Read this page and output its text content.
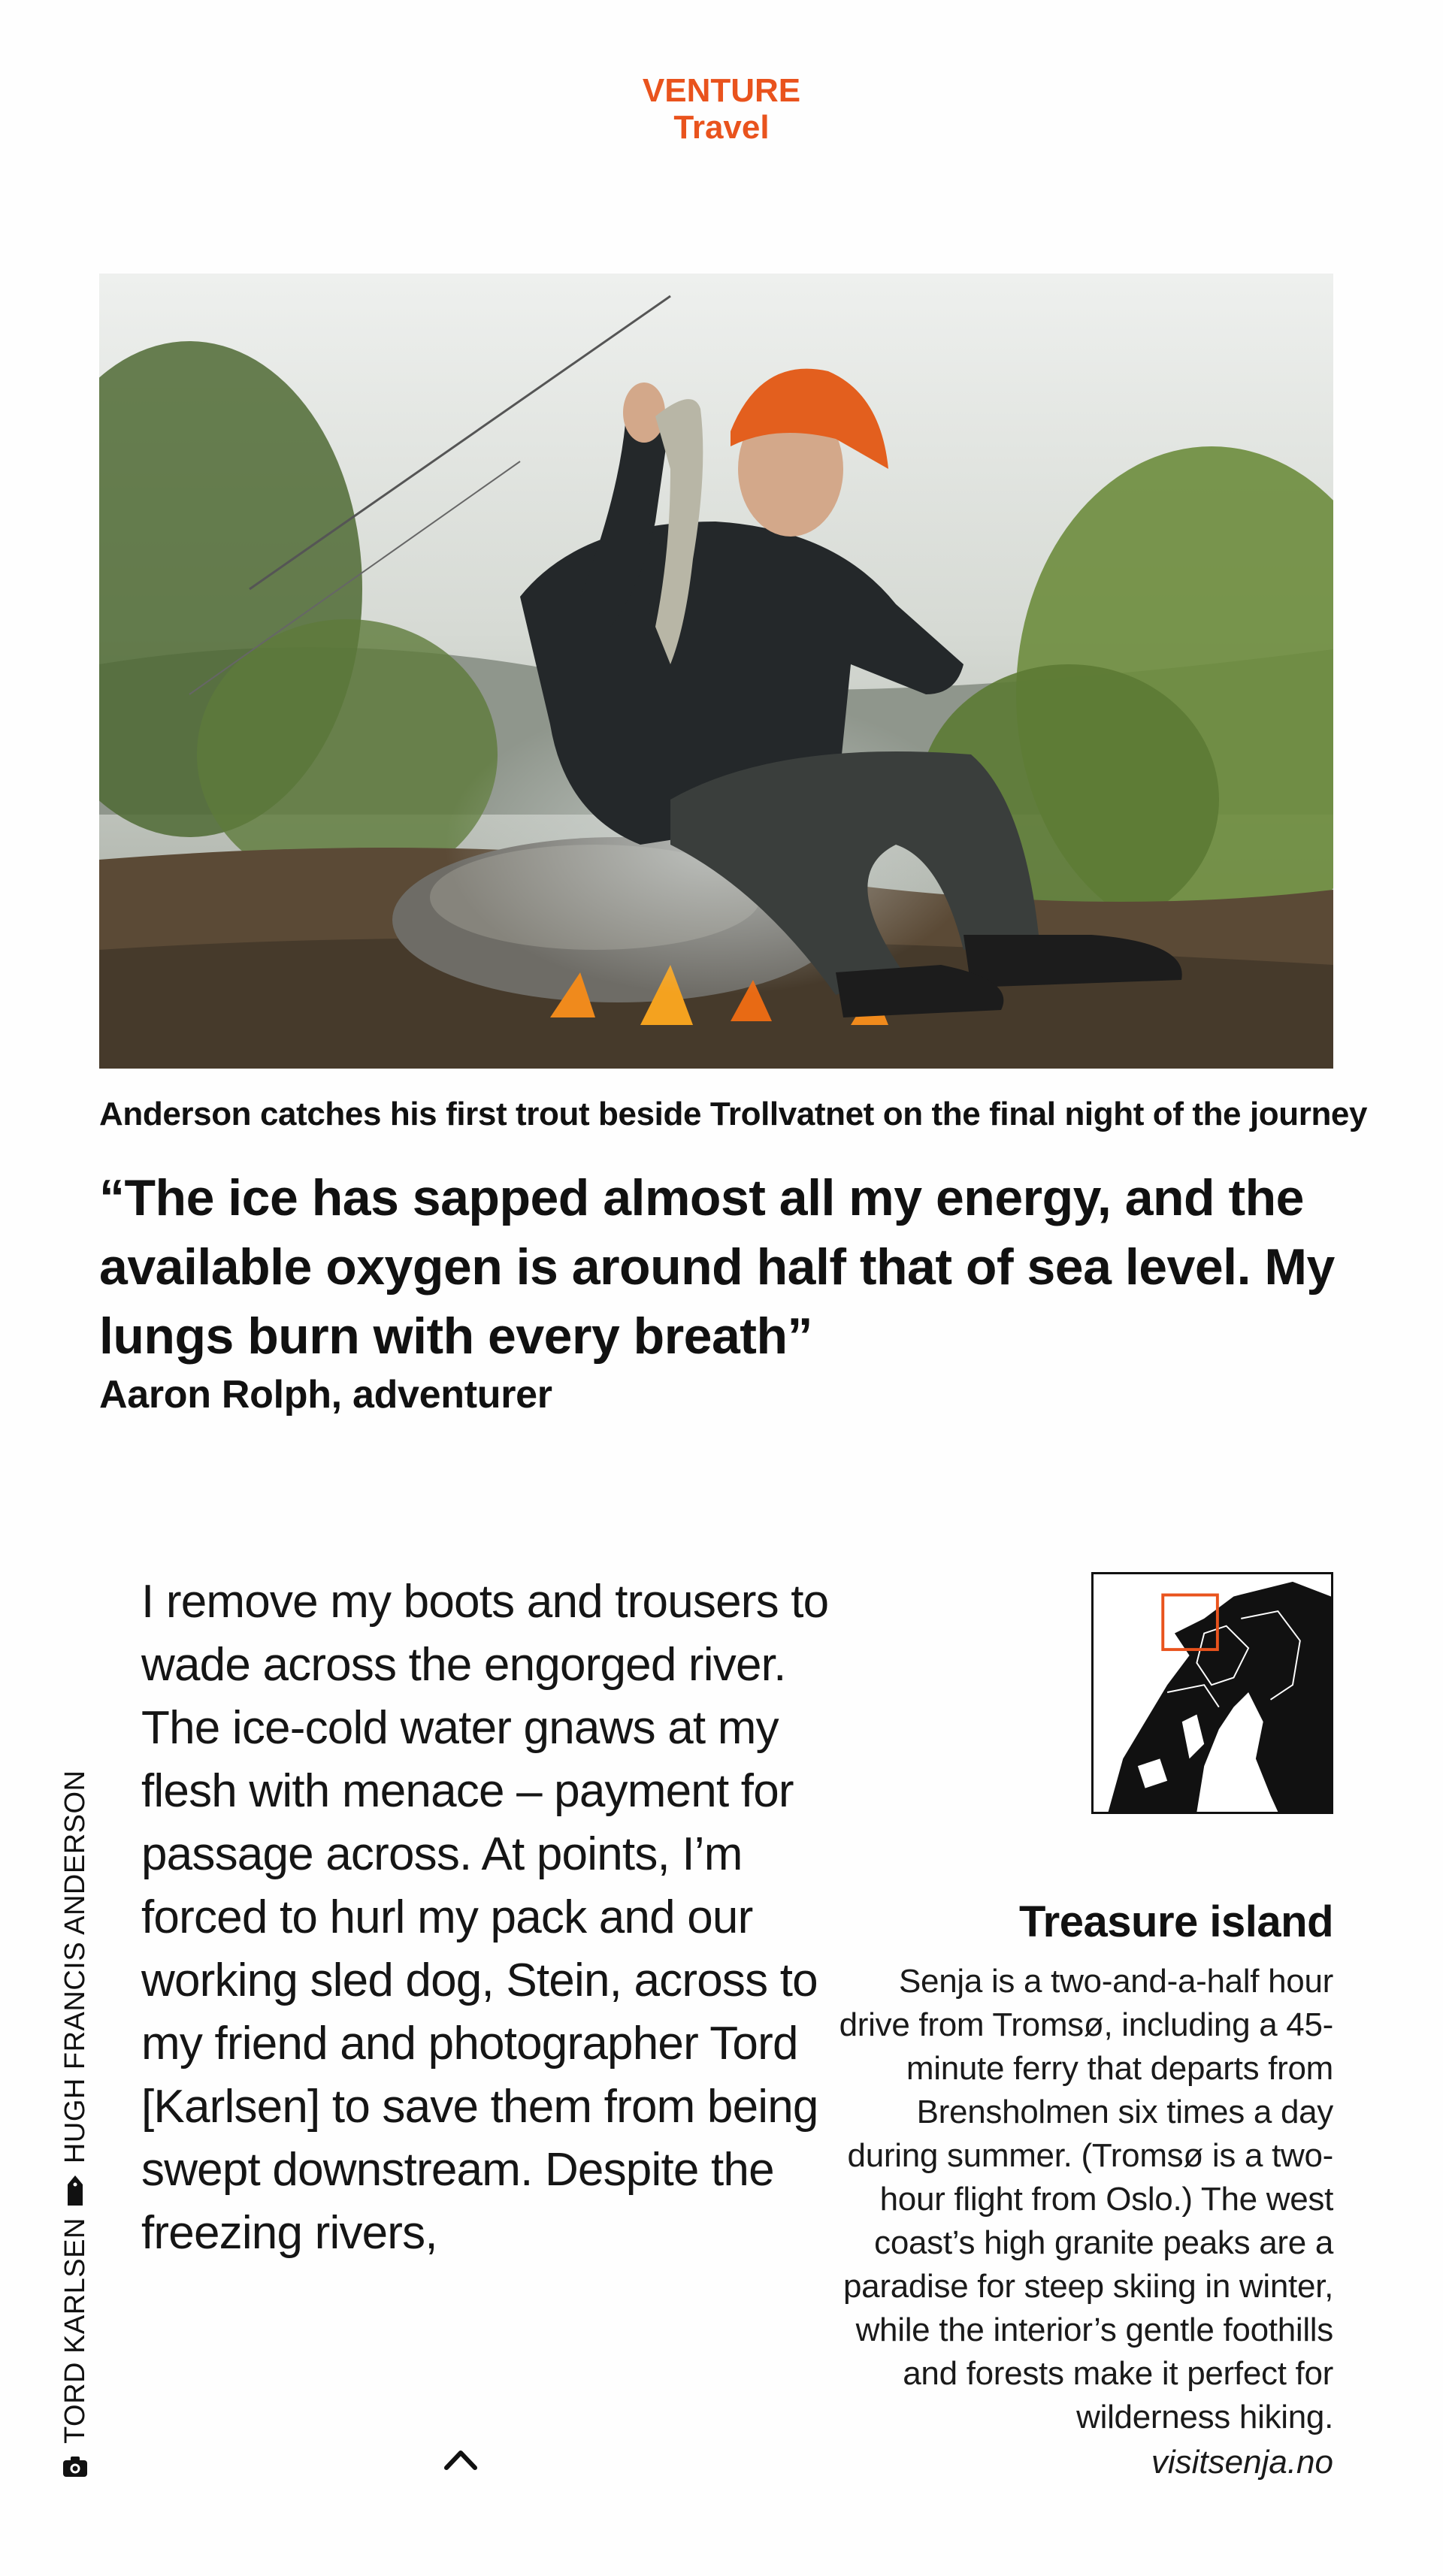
VENTURE
Travel
Anderson catches his first trout beside Trollvatnet on the final night of the journey
“The ice has sapped almost all my energy, and the available oxygen is around half that of sea level. My lungs burn with every breath”
Aaron Rolph, adventurer
TORD KARLSEN
HUGH FRANCIS ANDERSON

I remove my boots and trousers to wade across the engorged river. The ice-cold water gnaws at my flesh with menace – payment for passage across. At points, I’m forced to hurl my pack and our working sled dog, Stein, across to my friend and photographer Tord [Karlsen] to save them from being swept downstream. Despite the freezing rivers,

Treasure island

Senja is a two-and-a-half hour drive from Tromsø, including a 45-minute ferry that departs from Brensholmen six times a day during summer. (Tromsø is a two-hour flight from Oslo.) The west coast’s high granite peaks are a paradise for steep skiing in winter, while the interior’s gentle foothills and forests make it perfect for wilderness hiking.

visitsenja.no
